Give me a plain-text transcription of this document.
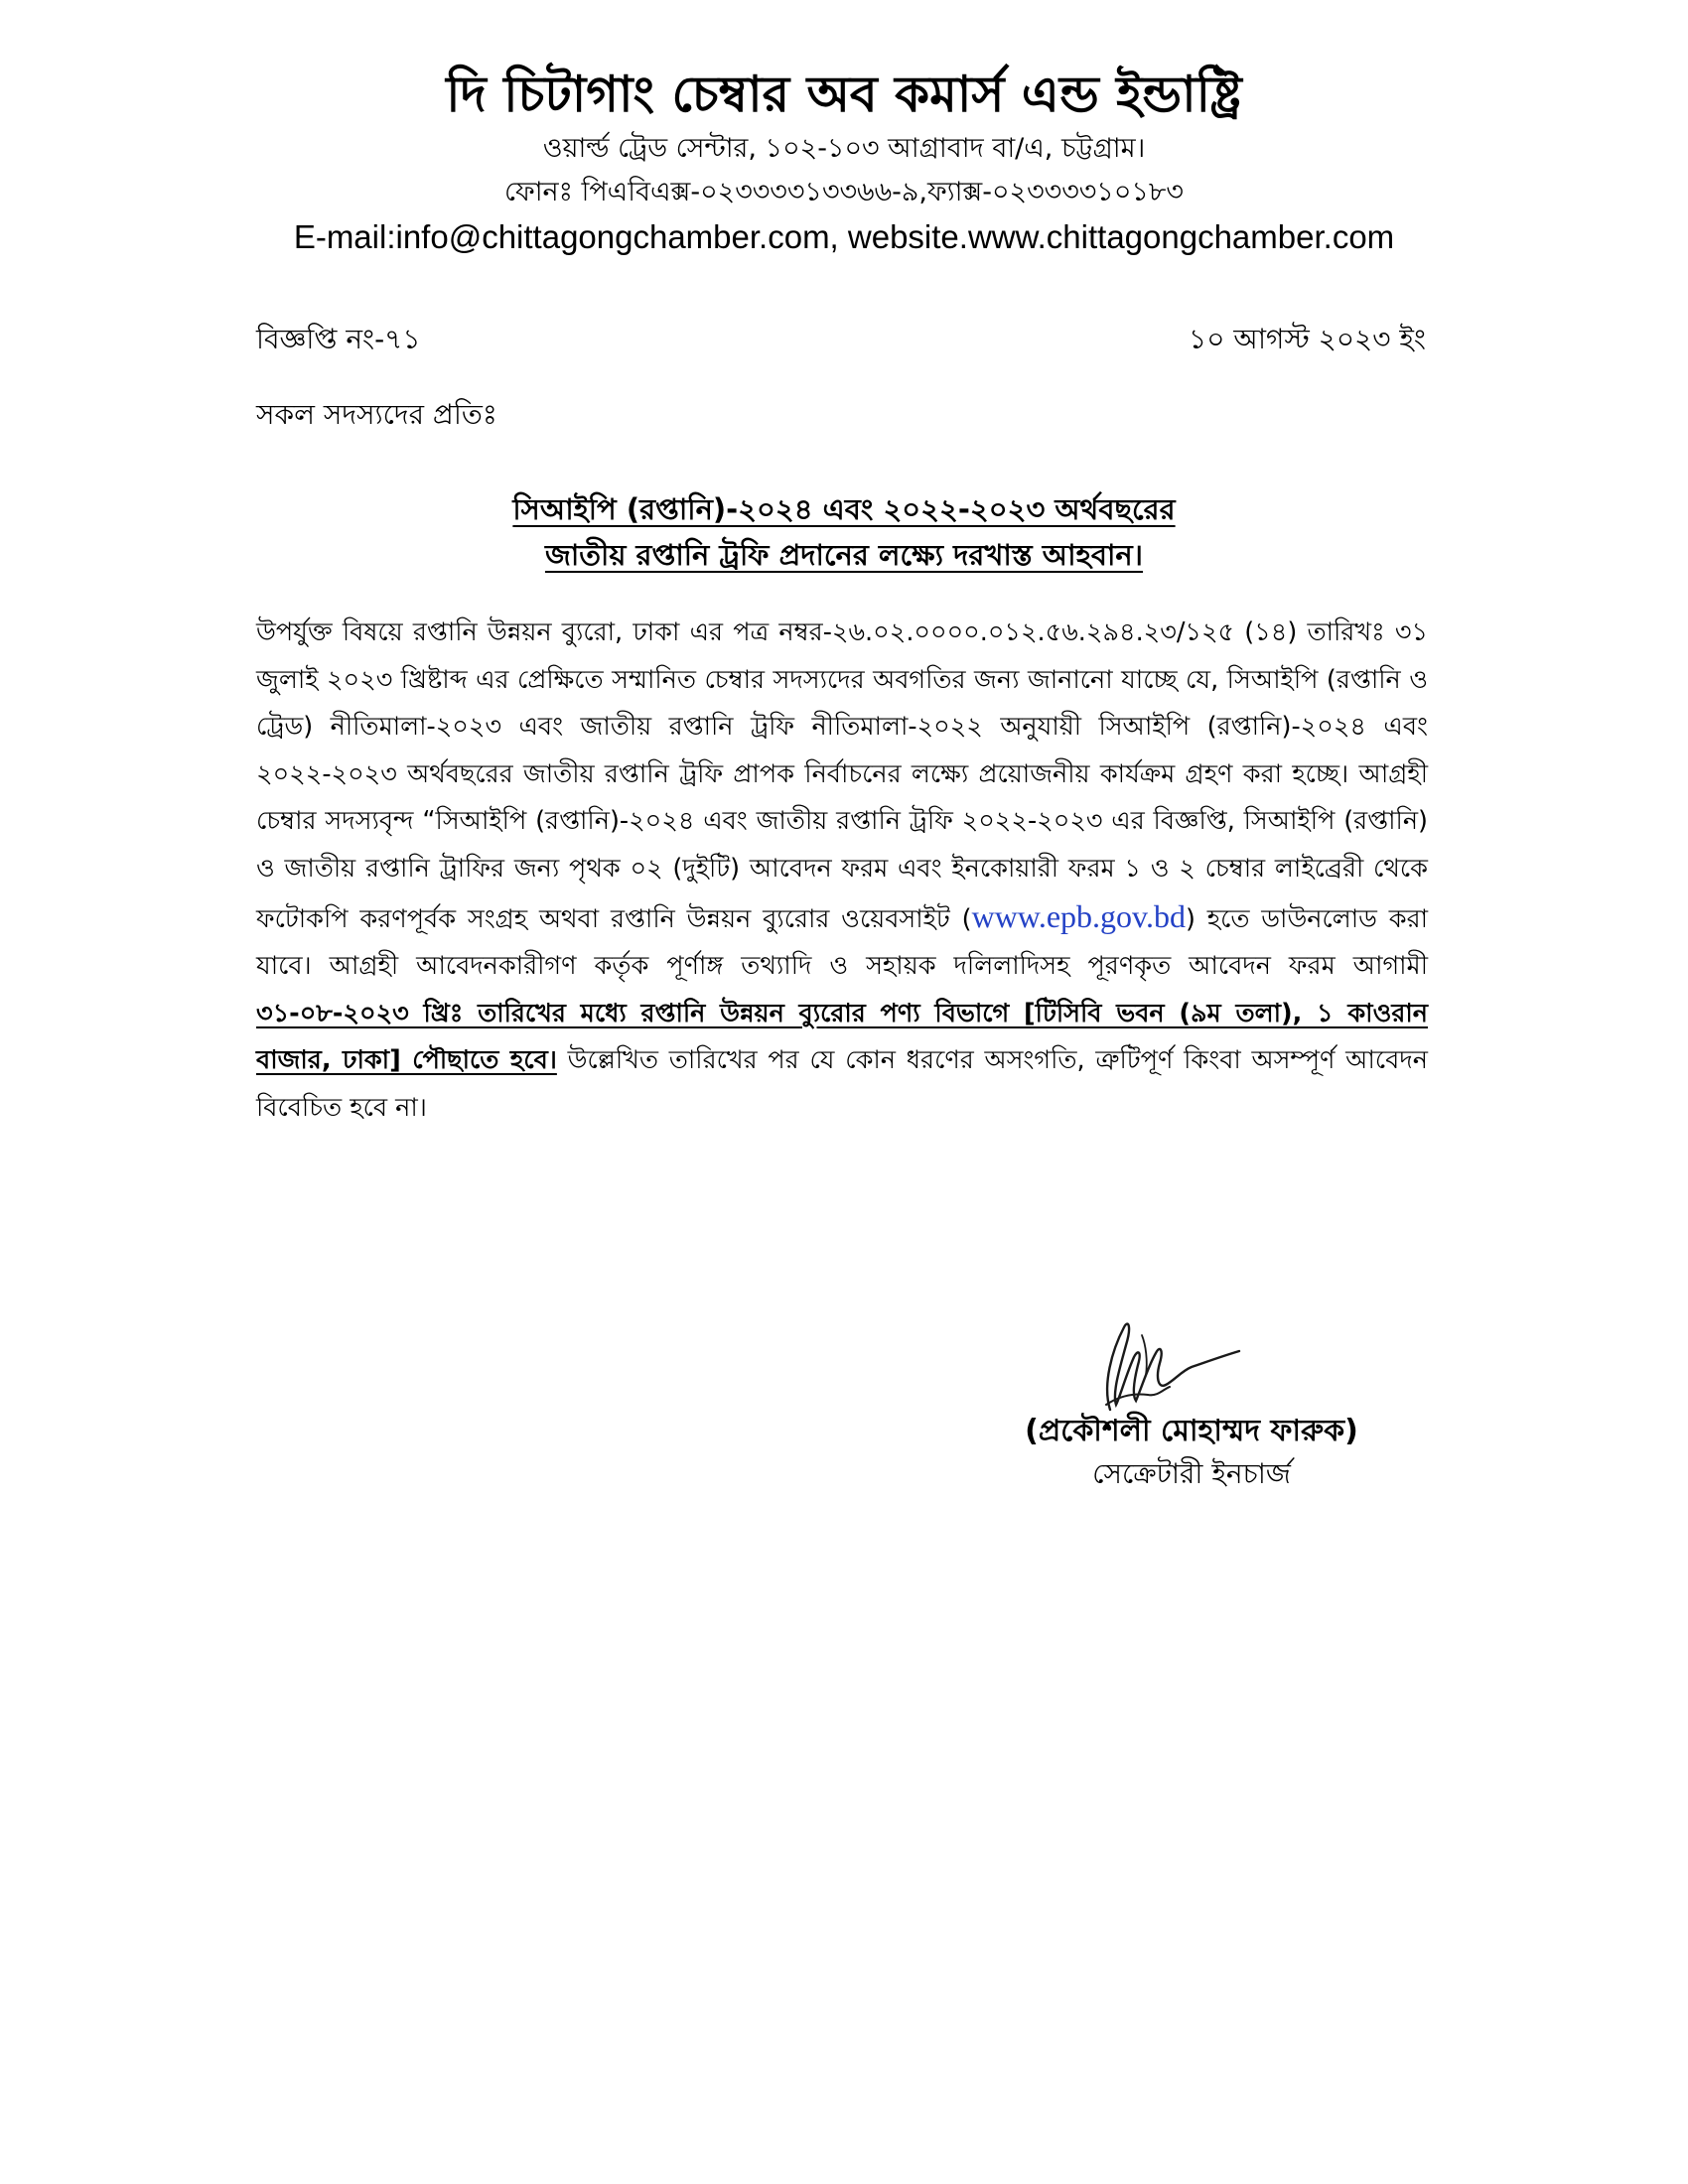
দি চিটাগাং চেম্বার অব কমার্স এন্ড ইন্ডাষ্ট্রি

ওয়ার্ল্ড ট্রেড সেন্টার, ১০২-১০৩ আগ্রাবাদ বা/এ, চট্টগ্রাম।

ফোনঃ পিএবিএক্স-০২৩৩৩৩১৩৩৬৬-৯,ফ্যাক্স-০২৩৩৩৩১০১৮৩

E-mail:info@chittagongchamber.com, website.www.chittagongchamber.com

বিজ্ঞপ্তি নং-৭১	১০ আগস্ট ২০২৩ ইং
সকল সদস্যদের প্রতিঃ
সিআইপি (রপ্তানি)-২০২৪ এবং ২০২২-২০২৩ অর্থবছরের
জাতীয় রপ্তানি ট্রফি প্রদানের লক্ষ্যে দরখাস্ত আহবান।
উপর্যুক্ত বিষয়ে রপ্তানি উন্নয়ন ব্যুরো, ঢাকা এর পত্র নম্বর-২৬.০২.০০০০.০১২.৫৬.২৯৪.২৩/১২৫ (১৪) তারিখঃ ৩১ জুলাই ২০২৩ খ্রিষ্টাব্দ এর প্রেক্ষিতে সম্মানিত চেম্বার সদস্যদের অবগতির জন্য জানানো যাচ্ছে যে, সিআইপি (রপ্তানি ও ট্রেড) নীতিমালা-২০২৩ এবং জাতীয় রপ্তানি ট্রফি নীতিমালা-২০২২ অনুযায়ী সিআইপি (রপ্তানি)-২০২৪ এবং ২০২২-২০২৩ অর্থবছরের জাতীয় রপ্তানি ট্রফি প্রাপক নির্বাচনের লক্ষ্যে প্রয়োজনীয় কার্যক্রম গ্রহণ করা হচ্ছে। আগ্রহী চেম্বার সদস্যবৃন্দ “সিআইপি (রপ্তানি)-২০২৪ এবং জাতীয় রপ্তানি ট্রফি ২০২২-২০২৩ এর বিজ্ঞপ্তি, সিআইপি (রপ্তানি) ও জাতীয় রপ্তানি ট্রাফির জন্য পৃথক ০২ (দুইটি) আবেদন ফরম এবং ইনকোয়ারী ফরম ১ ও ২ চেম্বার লাইব্রেরী থেকে ফটোকপি করণপূর্বক সংগ্রহ অথবা রপ্তানি উন্নয়ন ব্যুরোর ওয়েবসাইট (www.epb.gov.bd) হতে ডাউনলোড করা যাবে। আগ্রহী আবেদনকারীগণ কর্তৃক পূর্ণাঙ্গ তথ্যাদি ও সহায়ক দলিলাদিসহ পূরণকৃত আবেদন ফরম আগামী ৩১-০৮-২০২৩ খ্রিঃ তারিখের মধ্যে রপ্তানি উন্নয়ন ব্যুরোর পণ্য বিভাগে [টিসিবি ভবন (৯ম তলা), ১ কাওরান বাজার, ঢাকা] পৌছাতে হবে। উল্লেখিত তারিখের পর যে কোন ধরণের অসংগতি, ত্রুটিপূর্ণ কিংবা অসম্পূর্ণ আবেদন বিবেচিত হবে না।
(প্রকৌশলী মোহাম্মদ ফারুক)
সেক্রেটারী ইনচার্জ
